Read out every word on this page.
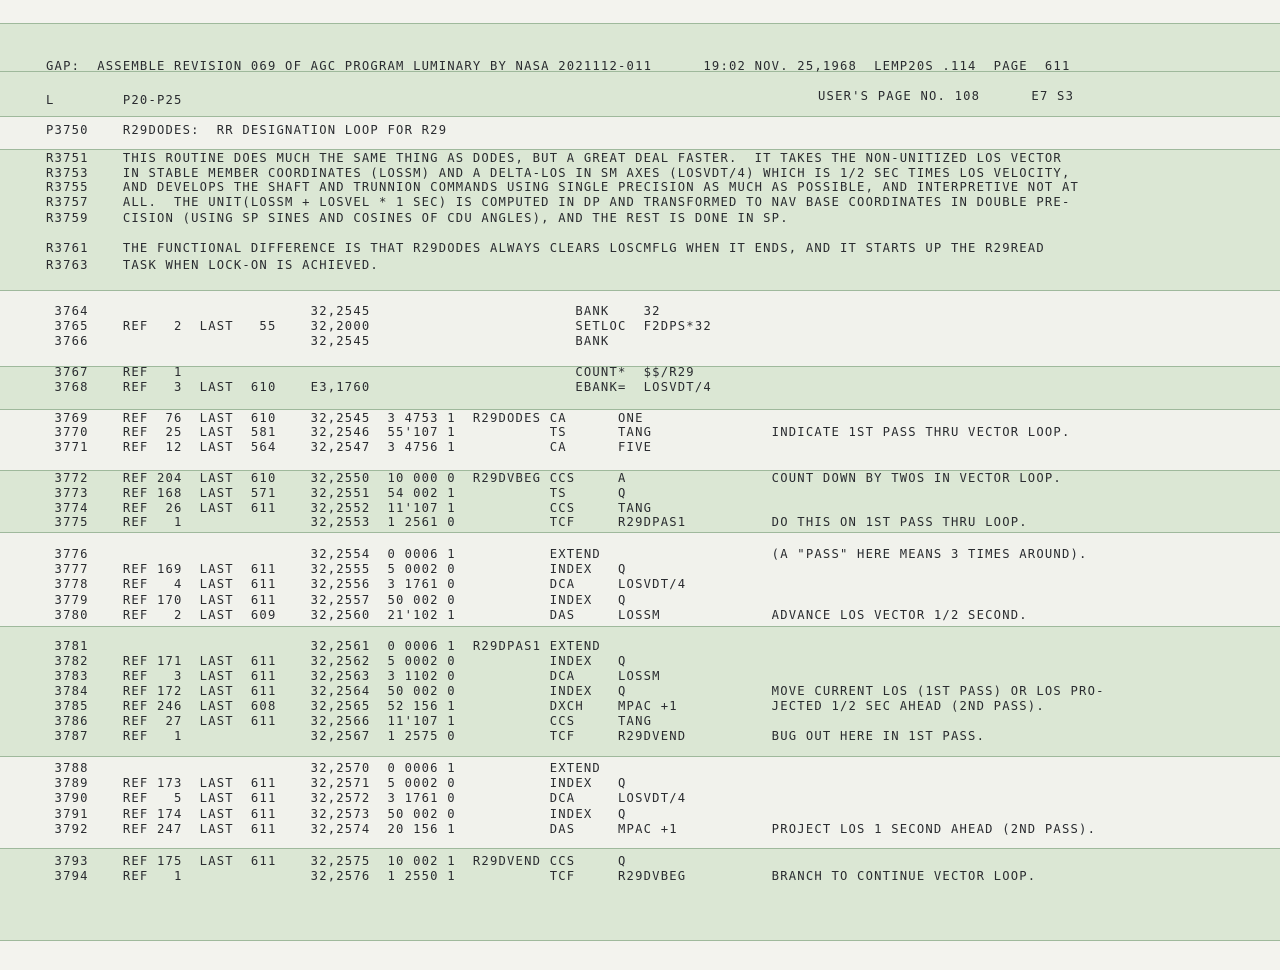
GAP:  ASSEMBLE REVISION 069 OF AGC PROGRAM LUMINARY BY NASA 2021112-011      19:02 NOV. 25,1968  LEMP20S .114  PAGE  611
L        P20-P25	USER'S PAGE NO. 108      E7 S3
P3750    R29DODES:  RR DESIGNATION LOOP FOR R29
R3751    THIS ROUTINE DOES MUCH THE SAME THING AS DODES, BUT A GREAT DEAL FASTER.  IT TAKES THE NON-UNITIZED LOS VECTOR
R3753    IN STABLE MEMBER COORDINATES (LOSSM) AND A DELTA-LOS IN SM AXES (LOSVDT/4) WHICH IS 1/2 SEC TIMES LOS VELOCITY,
R3755    AND DEVELOPS THE SHAFT AND TRUNNION COMMANDS USING SINGLE PRECISION AS MUCH AS POSSIBLE, AND INTERPRETIVE NOT AT
R3757    ALL.  THE UNIT(LOSSM + LOSVEL * 1 SEC) IS COMPUTED IN DP AND TRANSFORMED TO NAV BASE COORDINATES IN DOUBLE PRE-
R3759    CISION (USING SP SINES AND COSINES OF CDU ANGLES), AND THE REST IS DONE IN SP.
R3761    THE FUNCTIONAL DIFFERENCE IS THAT R29DODES ALWAYS CLEARS LOSCMFLG WHEN IT ENDS, AND IT STARTS UP THE R29READ
R3763    TASK WHEN LOCK-ON IS ACHIEVED.
3764                          32,2545                        BANK    32
3765    REF   2  LAST   55    32,2000                        SETLOC  F2DPS*32
3766                          32,2545                        BANK
3767    REF   1                                              COUNT*  $$/R29
3768    REF   3  LAST  610    E3,1760                        EBANK=  LOSVDT/4
3769    REF  76  LAST  610    32,2545  3 4753 1  R29DODES CA      ONE
3770    REF  25  LAST  581    32,2546  55'107 1           TS      TANG              INDICATE 1ST PASS THRU VECTOR LOOP.
3771    REF  12  LAST  564    32,2547  3 4756 1           CA      FIVE
3772    REF 204  LAST  610    32,2550  10 000 0  R29DVBEG CCS     A                 COUNT DOWN BY TWOS IN VECTOR LOOP.
3773    REF 168  LAST  571    32,2551  54 002 1           TS      Q
3774    REF  26  LAST  611    32,2552  11'107 1           CCS     TANG
3775    REF   1               32,2553  1 2561 0           TCF     R29DPAS1          DO THIS ON 1ST PASS THRU LOOP.
3776                          32,2554  0 0006 1           EXTEND                    (A "PASS" HERE MEANS 3 TIMES AROUND).
3777    REF 169  LAST  611    32,2555  5 0002 0           INDEX   Q
3778    REF   4  LAST  611    32,2556  3 1761 0           DCA     LOSVDT/4
3779    REF 170  LAST  611    32,2557  50 002 0           INDEX   Q
3780    REF   2  LAST  609    32,2560  21'102 1           DAS     LOSSM             ADVANCE LOS VECTOR 1/2 SECOND.
3781                          32,2561  0 0006 1  R29DPAS1 EXTEND
3782    REF 171  LAST  611    32,2562  5 0002 0           INDEX   Q
3783    REF   3  LAST  611    32,2563  3 1102 0           DCA     LOSSM
3784    REF 172  LAST  611    32,2564  50 002 0           INDEX   Q                 MOVE CURRENT LOS (1ST PASS) OR LOS PRO-
3785    REF 246  LAST  608    32,2565  52 156 1           DXCH    MPAC +1           JECTED 1/2 SEC AHEAD (2ND PASS).
3786    REF  27  LAST  611    32,2566  11'107 1           CCS     TANG
3787    REF   1               32,2567  1 2575 0           TCF     R29DVEND          BUG OUT HERE IN 1ST PASS.
3788                          32,2570  0 0006 1           EXTEND
3789    REF 173  LAST  611    32,2571  5 0002 0           INDEX   Q
3790    REF   5  LAST  611    32,2572  3 1761 0           DCA     LOSVDT/4
3791    REF 174  LAST  611    32,2573  50 002 0           INDEX   Q
3792    REF 247  LAST  611    32,2574  20 156 1           DAS     MPAC +1           PROJECT LOS 1 SECOND AHEAD (2ND PASS).
3793    REF 175  LAST  611    32,2575  10 002 1  R29DVEND CCS     Q
3794    REF   1               32,2576  1 2550 1           TCF     R29DVBEG          BRANCH TO CONTINUE VECTOR LOOP.
